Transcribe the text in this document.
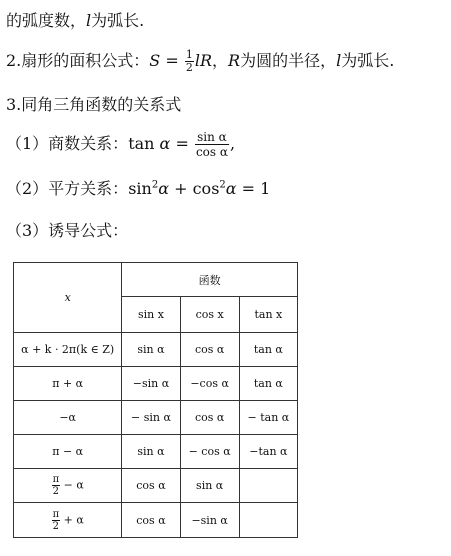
的弧度数，l为弧长.
2.扇形的面积公式：$S = \frac{1}{2}$ lR，R为圆的半径，l为弧长.
3.同角三角函数的关系式
（1）商数关系：$\tan \alpha = \frac{\text{sin α}}{\text{cos α}}$ ,
（2）平方关系：$\sin^2\alpha + \cos^2\alpha = 1$
（3）诱导公式：
x	函数		
	sin x	cos x	tan x
α + k · 2π(k ∈ Z)	sin α	cos α	tan α
π + α	−sin α	−cos α	tan α
−α	− sin α	cos α	− tan α
π − α	sin α	− cos α	−tan α

$\frac{\pi}{2} - \alpha$	cos α	sin α	

$\frac{\pi}{2} + \alpha$	cos α	−sin α	
